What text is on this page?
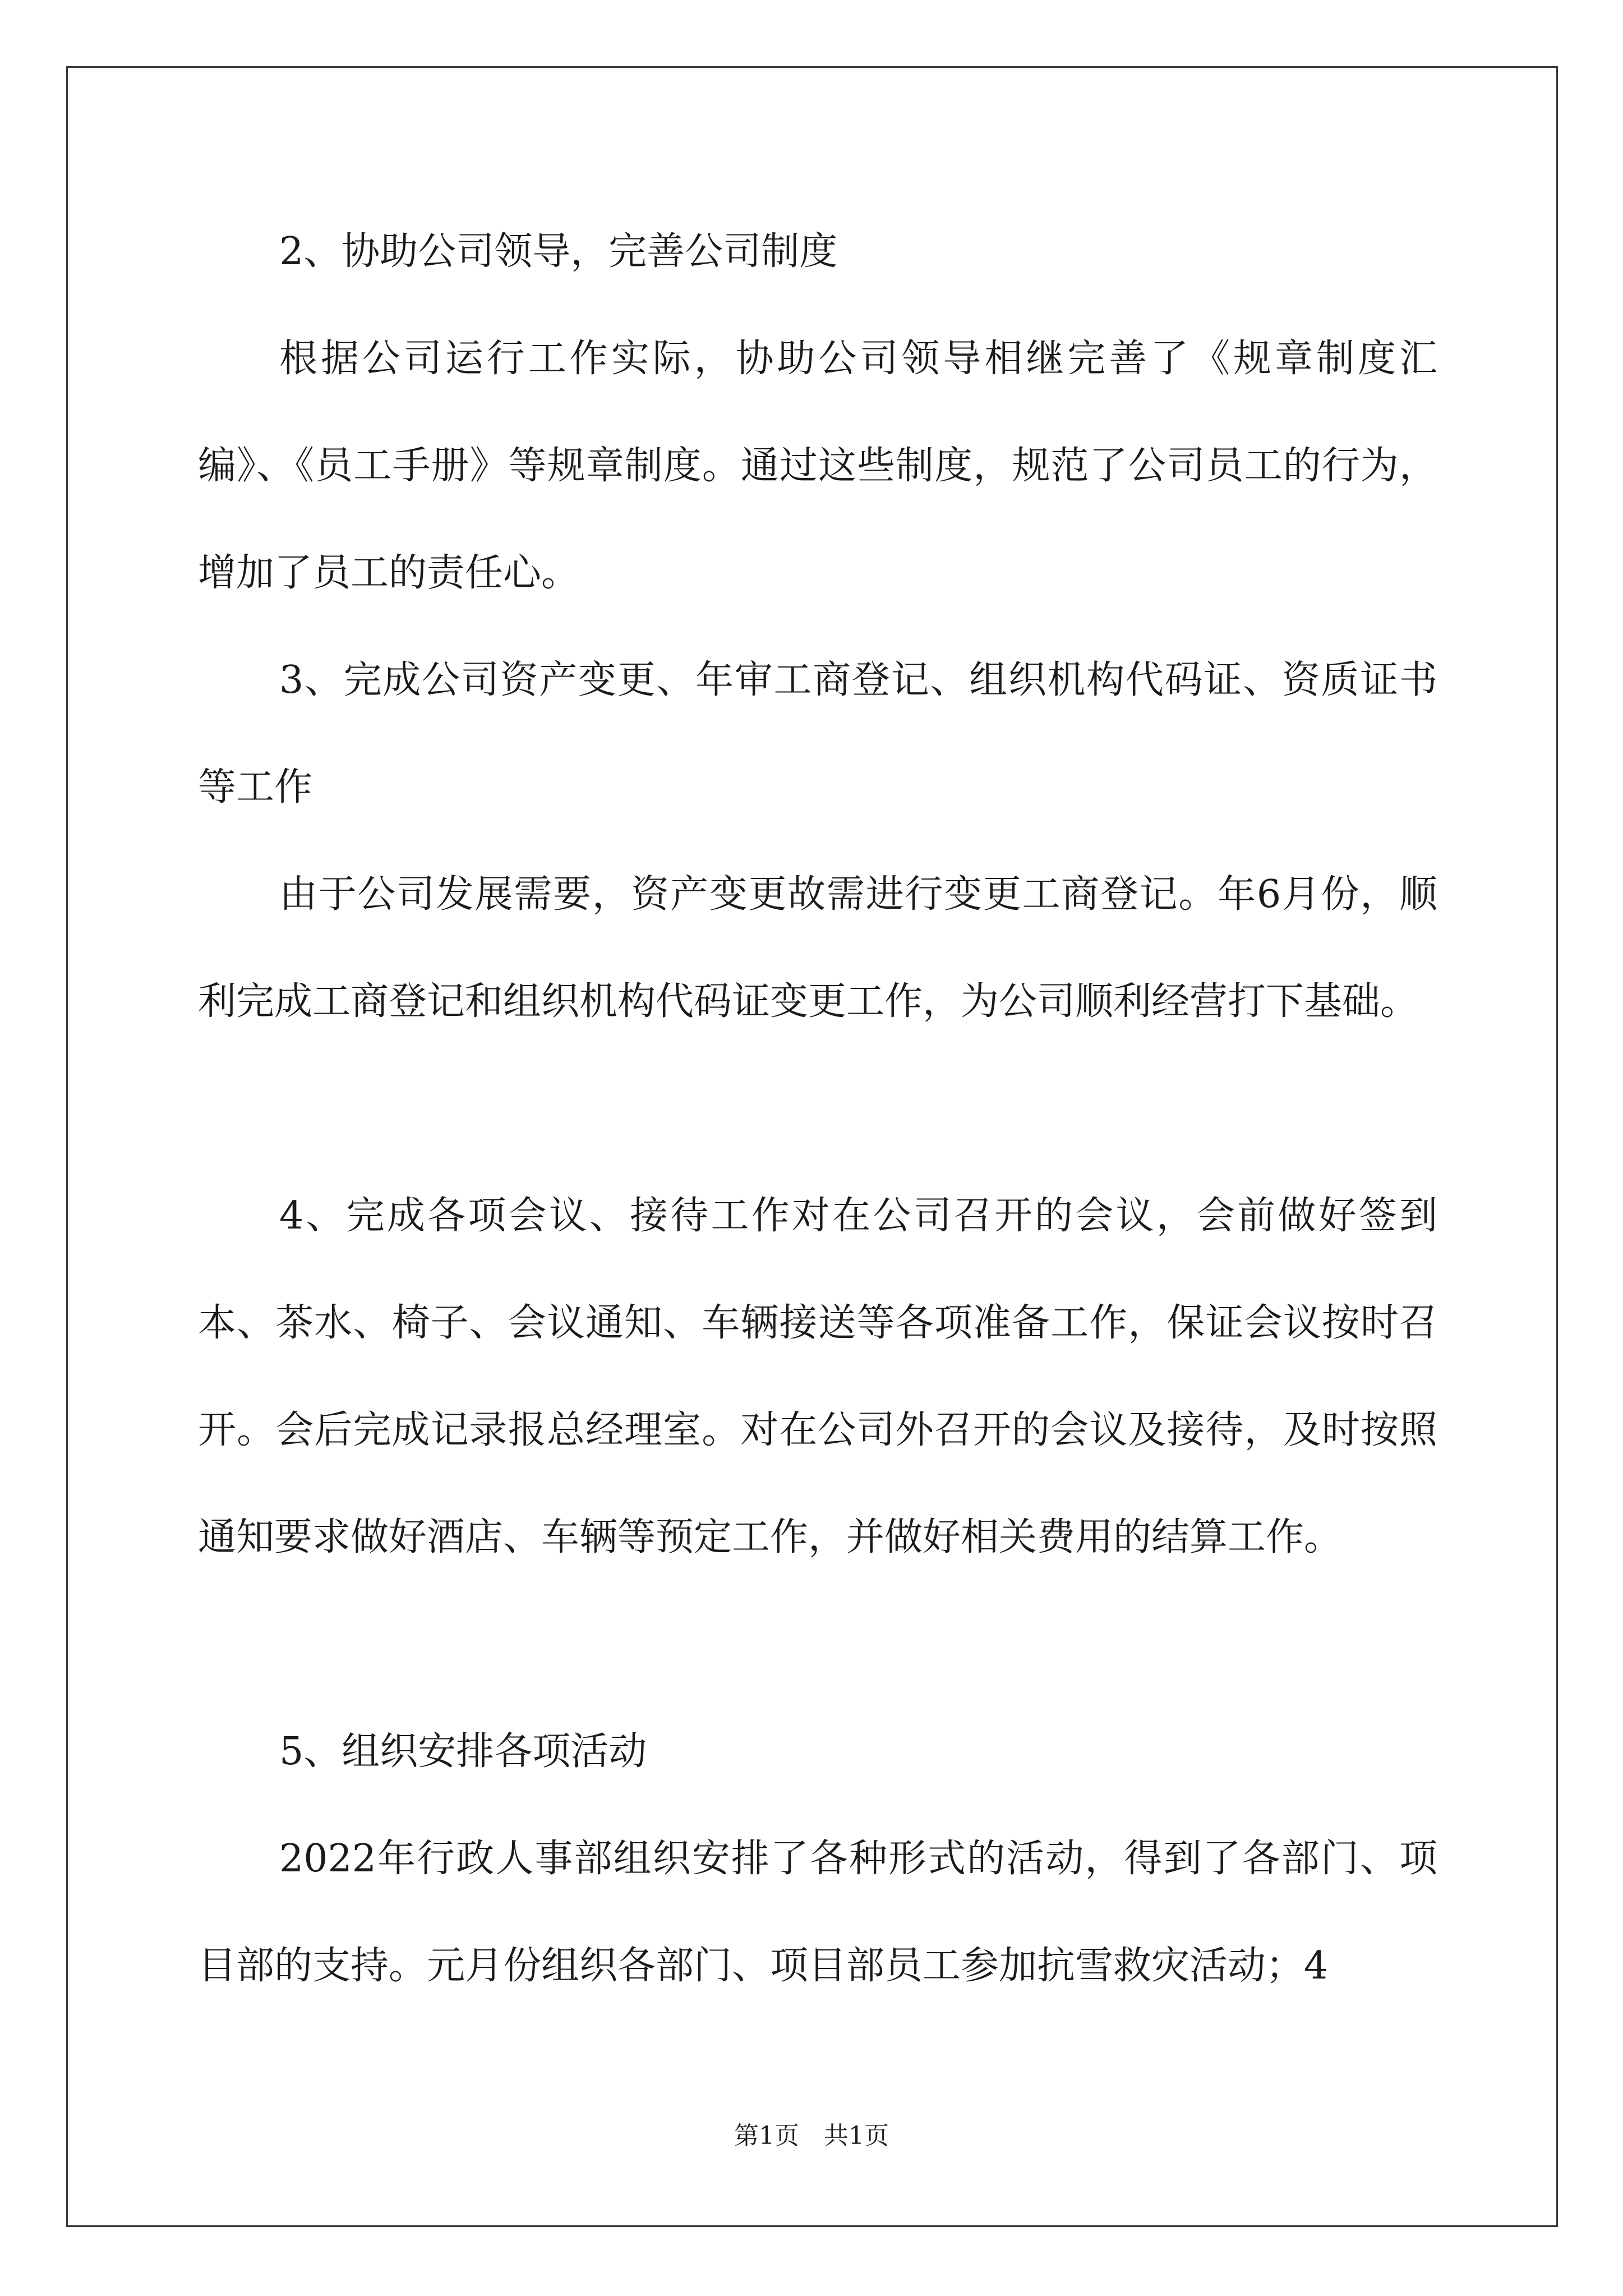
2、协助公司领导，完善公司制度

根据公司运行工作实际，协助公司领导相继完善了《规章制度汇编》、《员工手册》等规章制度。通过这些制度，规范了公司员工的行为，增加了员工的责任心。

3、完成公司资产变更、年审工商登记、组织机构代码证、资质证书等工作

由于公司发展需要，资产变更故需进行变更工商登记。年6月份，顺利完成工商登记和组织机构代码证变更工作，为公司顺利经营打下基础。

4、完成各项会议、接待工作对在公司召开的会议，会前做好签到本、茶水、椅子、会议通知、车辆接送等各项准备工作，保证会议按时召开。会后完成记录报总经理室。对在公司外召开的会议及接待，及时按照通知要求做好酒店、车辆等预定工作，并做好相关费用的结算工作。

5、组织安排各项活动

2022年行政人事部组织安排了各种形式的活动，得到了各部门、项目部的支持。元月份组织各部门、项目部员工参加抗雪救灾活动；4

第1页　共1页
